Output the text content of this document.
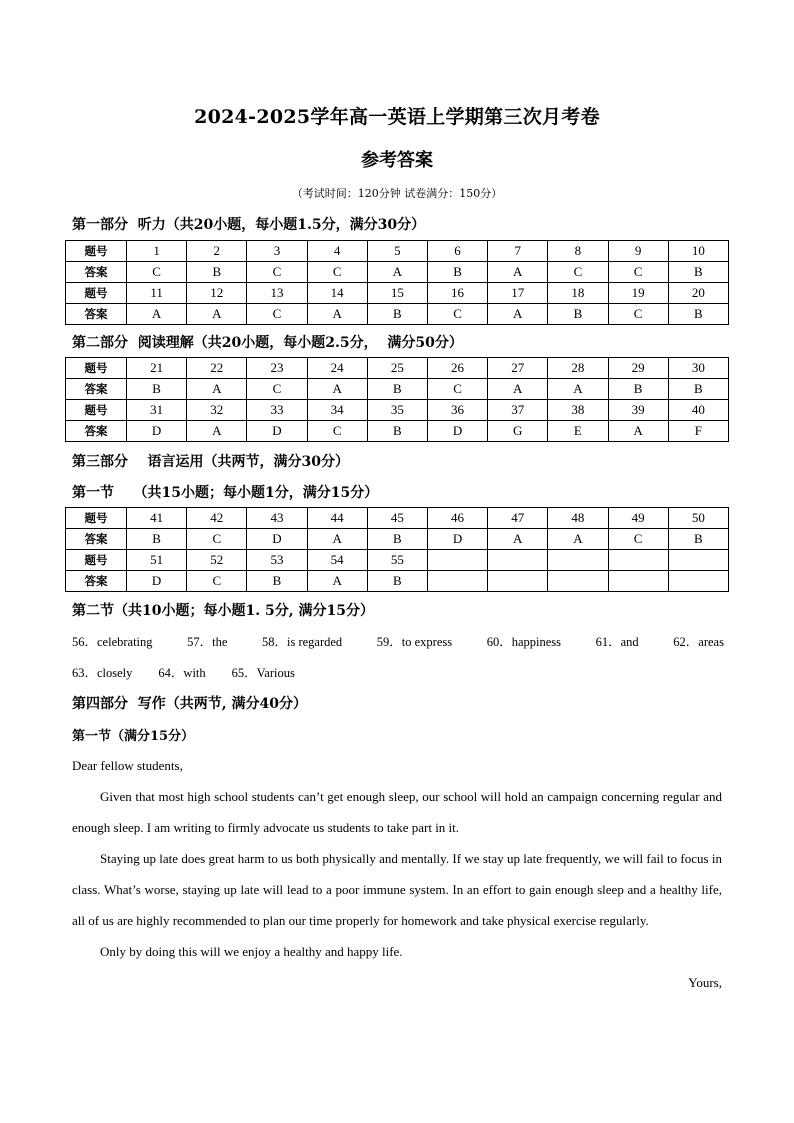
2024-2025学年高一英语上学期第三次月考卷
参考答案
（考试时间：120分钟 试卷满分：150分）
第一部分  听力（共20小题，每小题1.5分，满分30分）
题号	1	2	3	4	5	6	7	8	9	10
答案	C	B	C	C	A	B	A	C	C	B
题号	11	12	13	14	15	16	17	18	19	20
答案	A	A	C	A	B	C	A	B	C	B
第二部分  阅读理解（共20小题，每小题2.5分，  满分50分）
题号	21	22	23	24	25	26	27	28	29	30
答案	B	A	C	A	B	C	A	A	B	B
题号	31	32	33	34	35	36	37	38	39	40
答案	D	A	D	C	B	D	G	E	A	F
第三部分    语言运用（共两节，满分30分）
第一节    （共15小题；每小题1分，满分15分）
题号	41	42	43	44	45	46	47	48	49	50
答案	B	C	D	A	B	D	A	A	C	B
题号	51	52	53	54	55					
答案	D	C	B	A	B					
第二节（共10小题；每小题1. 5分, 满分15分）
56．celebrating	57．the	58．is regarded	59．to express	60．happiness	61．and	62．areas
63．closely 64．with 65．Various
第四部分  写作（共两节, 满分40分）
第一节（满分15分）

Dear fellow students,

Given that most high school students can’t get enough sleep, our school will hold an campaign concerning regular and enough sleep. I am writing to firmly advocate us students to take part in it.

Staying up late does great harm to us both physically and mentally. If we stay up late frequently, we will fail to focus in class. What’s worse, staying up late will lead to a poor immune system. In an effort to gain enough sleep and a healthy life, all of us are highly recommended to plan our time properly for homework and take physical exercise regularly.

Only by doing this will we enjoy a healthy and happy life.

Yours,
